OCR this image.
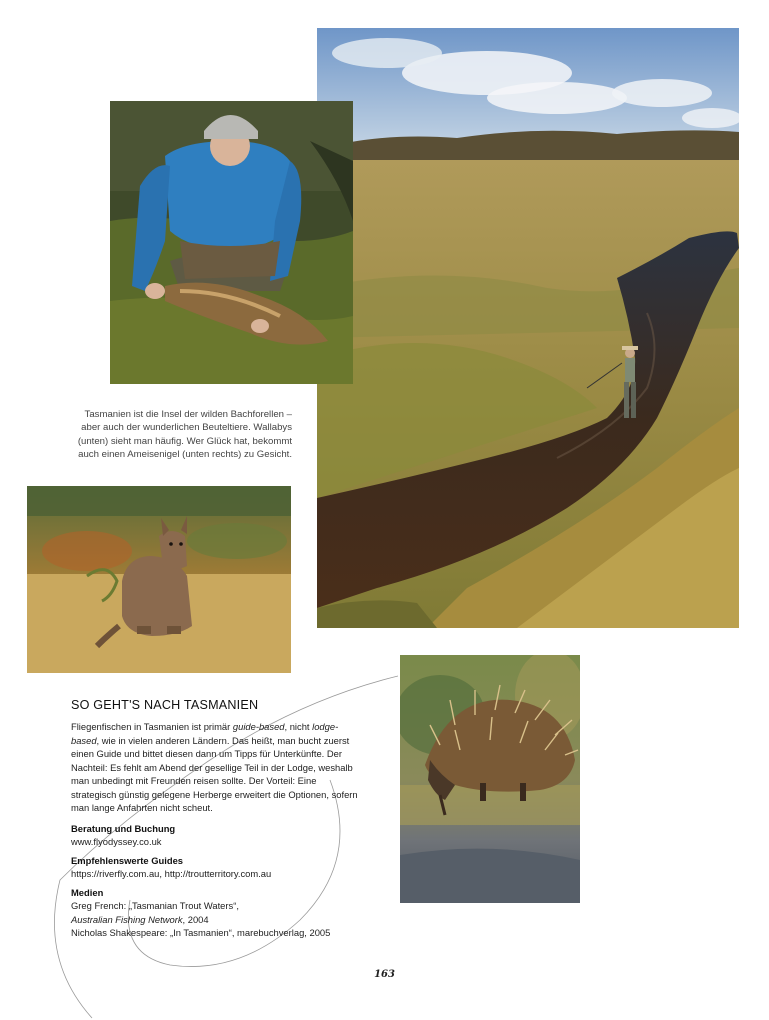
Tasmanien ist die Insel der wilden Bachforellen – aber auch der wunderlichen Beuteltiere. Wallabys (unten) sieht man häufig. Wer Glück hat, bekommt auch einen Ameisenigel (unten rechts) zu Gesicht.
SO GEHT'S NACH TASMANIEN

Fliegenfischen in Tasmanien ist primär guide-based, nicht lodge-based, wie in vielen anderen Ländern. Das heißt, man bucht zuerst einen Guide und bittet diesen dann um Tipps für Unterkünfte. Der Nachteil: Es fehlt am Abend der gesellige Teil in der Lodge, weshalb man unbedingt mit Freunden reisen sollte. Der Vorteil: Eine strategisch günstig gelegene Herberge erweitert die Optionen, sofern man lange Anfahrten nicht scheut.

Beratung und Buchung
www.flyodyssey.co.uk
Empfehlenswerte Guides
https://riverfly.com.au, http://troutterritory.com.au
Medien
Greg French: „Tasmanian Trout Waters“,
Australian Fishing Network, 2004
Nicholas Shakespeare: „In Tasmanien“, marebuchverlag, 2005
163
